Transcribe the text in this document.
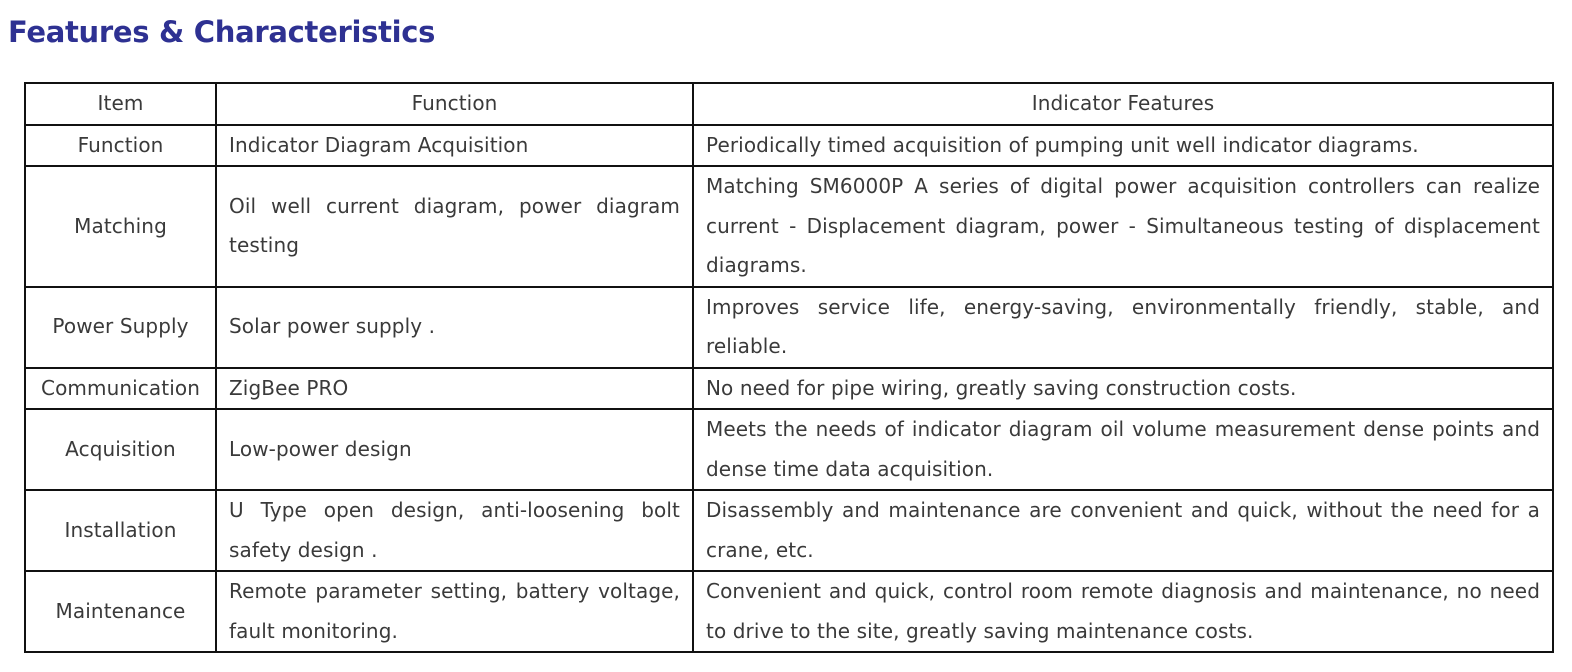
Features & Characteristics
Item	Function	Indicator Features
Function	Indicator Diagram Acquisition	Periodically timed acquisition of pumping unit well indicator diagrams.
Matching	Oil well current diagram, power diagram testing	Matching SM6000P A series of digital power acquisition controllers can realize current - Displacement diagram, power - Simultaneous testing of displacement diagrams.
Power Supply	Solar power supply .	Improves service life, energy-saving, environmentally friendly, stable, and reliable.
Communication	ZigBee PRO	No need for pipe wiring, greatly saving construction costs.
Acquisition	Low-power design	Meets the needs of indicator diagram oil volume measurement dense points and dense time data acquisition.
Installation	U Type open design, anti-loosening bolt safety design .	Disassembly and maintenance are convenient and quick, without the need for a crane, etc.
Maintenance	Remote parameter setting, battery voltage, fault monitoring.	Convenient and quick, control room remote diagnosis and maintenance, no need to drive to the site, greatly saving maintenance costs.
